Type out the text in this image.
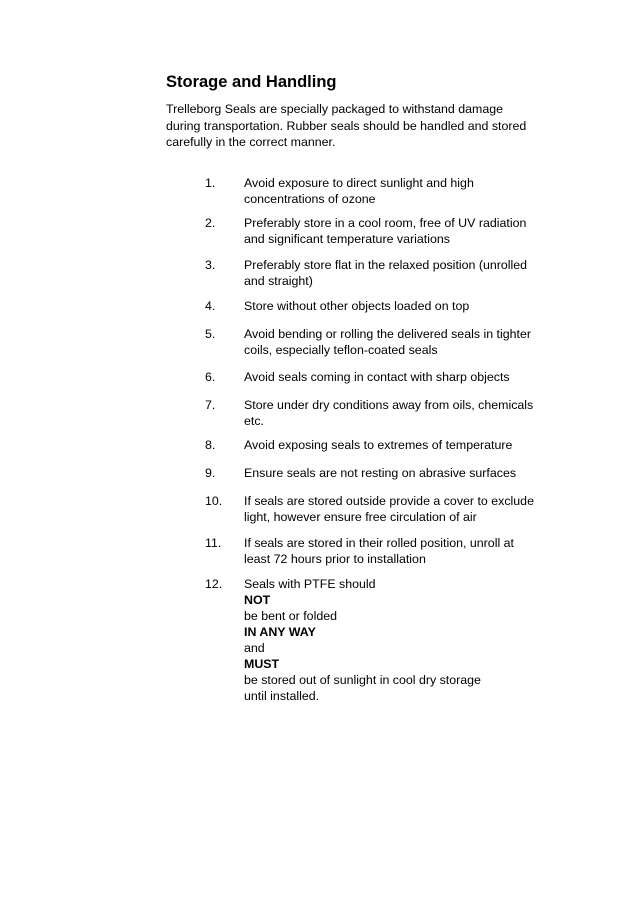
Storage and Handling

Trelleborg Seals are specially packaged to withstand damage
during transportation. Rubber seals should be handled and stored
carefully in the correct manner.

1. Avoid exposure to direct sunlight and high
concentrations of ozone
2. Preferably store in a cool room, free of UV radiation
and significant temperature variations
3. Preferably store flat in the relaxed position (unrolled
and straight)
4. Store without other objects loaded on top
5. Avoid bending or rolling the delivered seals in tighter
coils, especially teflon-coated seals
6. Avoid seals coming in contact with sharp objects
7. Store under dry conditions away from oils, chemicals
etc.
8. Avoid exposing seals to extremes of temperature
9. Ensure seals are not resting on abrasive surfaces
10. If seals are stored outside provide a cover to exclude
light, however ensure free circulation of air
11. If seals are stored in their rolled position, unroll at
least 72 hours prior to installation
12. Seals with PTFE should
NOT
be bent or folded
IN ANY WAY
and
MUST
be stored out of sunlight in cool dry storage
until installed.
